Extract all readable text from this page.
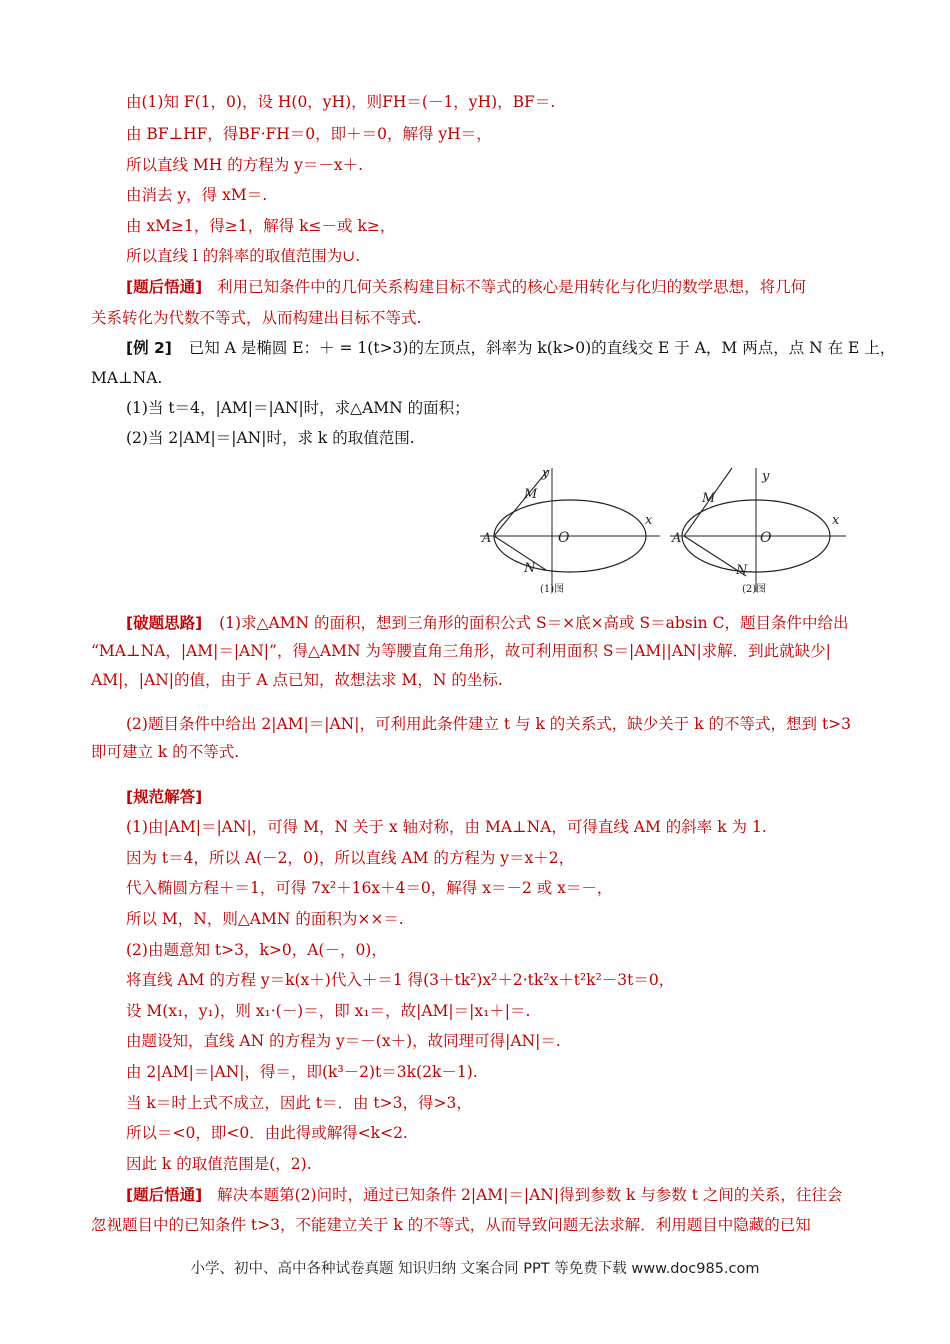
由(1)知 F(1，0)，设 H(0，yH)，则FH＝(－1，yH)，BF＝.
由 BF⊥HF，得BF·FH＝0，即＋＝0，解得 yH＝，
所以直线 MH 的方程为 y＝－x＋.
由消去 y，得 xM＝.
由 xM≥1，得≥1，解得 k≤－或 k≥，
所以直线 l 的斜率的取值范围为∪.
[题后悟通] 利用已知条件中的几何关系构建目标不等式的核心是用转化与化归的数学思想，将几何
关系转化为代数不等式，从而构建出目标不等式.
[例 2] 已知 A 是椭圆 E：＋ = 1(t>3)的左顶点，斜率为 k(k>0)的直线交 E 于 A，M 两点，点 N 在 E 上，
MA⊥NA.
(1)当 t＝4，|AM|＝|AN|时，求△AMN 的面积；
(2)当 2|AM|＝|AN|时，求 k 的取值范围.
x
y
O
A
M
N
(1)图
x
y
O
A
M
N
(2)图
[破题思路] (1)求△AMN 的面积，想到三角形的面积公式 S＝×底×高或 S＝absin C，题目条件中给出
“MA⊥NA，|AM|＝|AN|”，得△AMN 为等腰直角三角形，故可利用面积 S＝|AM||AN|求解．到此就缺少|
AM|，|AN|的值，由于 A 点已知，故想法求 M，N 的坐标.
(2)题目条件中给出 2|AM|＝|AN|，可利用此条件建立 t 与 k 的关系式，缺少关于 k 的不等式，想到 t>3
即可建立 k 的不等式.
[规范解答]
(1)由|AM|＝|AN|，可得 M，N 关于 x 轴对称，由 MA⊥NA，可得直线 AM 的斜率 k 为 1.
因为 t＝4，所以 A(－2，0)，所以直线 AM 的方程为 y＝x＋2，
代入椭圆方程＋＝1，可得 7x²＋16x＋4＝0，解得 x＝－2 或 x＝－，
所以 M，N，则△AMN 的面积为××＝.
(2)由题意知 t>3，k>0，A(－，0)，
将直线 AM 的方程 y＝k(x＋)代入＋＝1 得(3＋tk²)x²＋2·tk²x＋t²k²－3t＝0，
设 M(x₁，y₁)，则 x₁·(－)＝，即 x₁＝，故|AM|＝|x₁＋|＝.
由题设知，直线 AN 的方程为 y＝－(x＋)，故同理可得|AN|＝.
由 2|AM|＝|AN|，得＝，即(k³－2)t＝3k(2k－1).
当 k＝时上式不成立，因此 t＝．由 t>3，得>3，
所以＝<0，即<0．由此得或解得<k<2.
因此 k 的取值范围是(，2).
[题后悟通] 解决本题第(2)问时，通过已知条件 2|AM|＝|AN|得到参数 k 与参数 t 之间的关系，往往会
忽视题目中的已知条件 t>3，不能建立关于 k 的不等式，从而导致问题无法求解．利用题目中隐藏的已知
小学、初中、高中各种试卷真题 知识归纳 文案合同 PPT 等免费下载 www.doc985.com
